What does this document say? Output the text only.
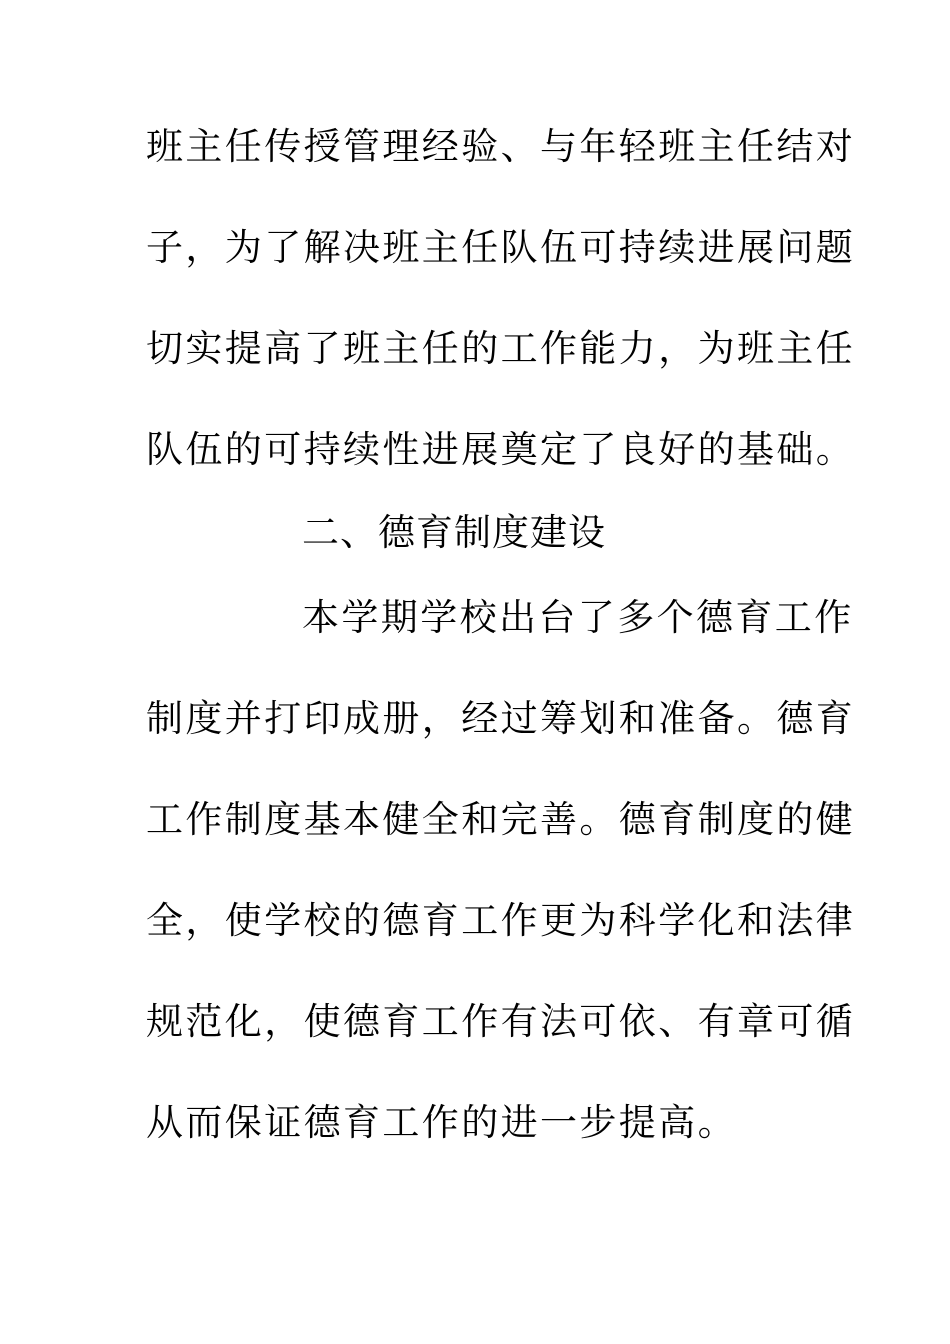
班主任传授管理经验、与年轻班主任结对
子，为了解决班主任队伍可持续进展问题
切实提高了班主任的工作能力，为班主任
队伍的可持续性进展奠定了良好的基础。
二、德育制度建设
本学期学校出台了多个德育工作
制度并打印成册，经过筹划和准备。德育
工作制度基本健全和完善。德育制度的健
全，使学校的德育工作更为科学化和法律
规范化，使德育工作有法可依、有章可循
从而保证德育工作的进一步提高。
